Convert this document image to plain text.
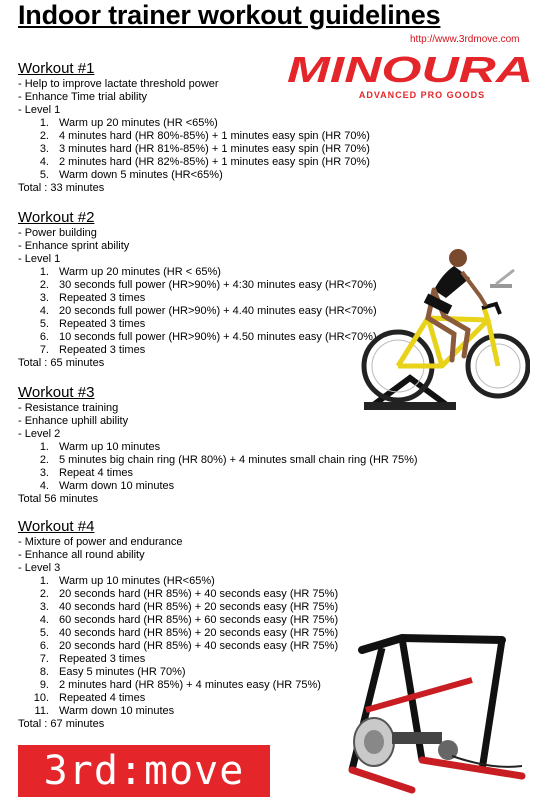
Indoor trainer workout guidelines
http://www.3rdmove.com
MINOURA
ADVANCED PRO GOODS
Workout #1
- Help to improve lactate threshold power
- Enhance Time trial ability
- Level 1
1. Warm up 20 minutes (HR <65%)
2. 4 minutes hard (HR 80%-85%) + 1 minutes easy spin (HR 70%)
3. 3 minutes hard (HR 81%-85%) + 1 minutes easy spin (HR 70%)
4. 2 minutes hard (HR 82%-85%) + 1 minutes easy spin (HR 70%)
5. Warm down 5 minutes (HR<65%)
Total : 33 minutes
Workout #2
- Power building
- Enhance sprint ability
- Level 1
1. Warm up 20 minutes (HR < 65%)
2. 30 seconds full power (HR>90%) + 4:30 minutes easy (HR<70%)
3. Repeated 3 times
4. 20 seconds full power (HR>90%) + 4.40 minutes easy (HR<70%)
5. Repeated 3 times
6. 10 seconds full power (HR>90%) + 4.50 minutes easy (HR<70%)
7. Repeated 3 times
Total : 65 minutes
Workout #3
- Resistance training
- Enhance uphill ability
- Level 2
1. Warm up 10 minutes
2. 5 minutes big chain ring (HR 80%) + 4 minutes small chain ring (HR 75%)
3. Repeat 4 times
4. Warm down 10 minutes
Total 56 minutes
Workout #4
- Mixture of power and endurance
- Enhance all round ability
- Level 3
1. Warm up 10 minutes (HR<65%)
2. 20 seconds hard (HR 85%) + 40 seconds easy (HR 75%)
3. 40 seconds hard (HR 85%) + 20 seconds easy (HR 75%)
4. 60 seconds hard (HR 85%) + 60 seconds easy (HR 75%)
5. 40 seconds hard (HR 85%) + 20 seconds easy (HR 75%)
6. 20 seconds hard (HR 85%) + 40 seconds easy (HR 75%)
7. Repeated 3 times
8. Easy 5 minutes (HR 70%)
9. 2 minutes hard (HR 85%) + 4 minutes easy (HR 75%)
10. Repeated 4 times
11. Warm down 10 minutes
Total : 67 minutes
3rd:move
